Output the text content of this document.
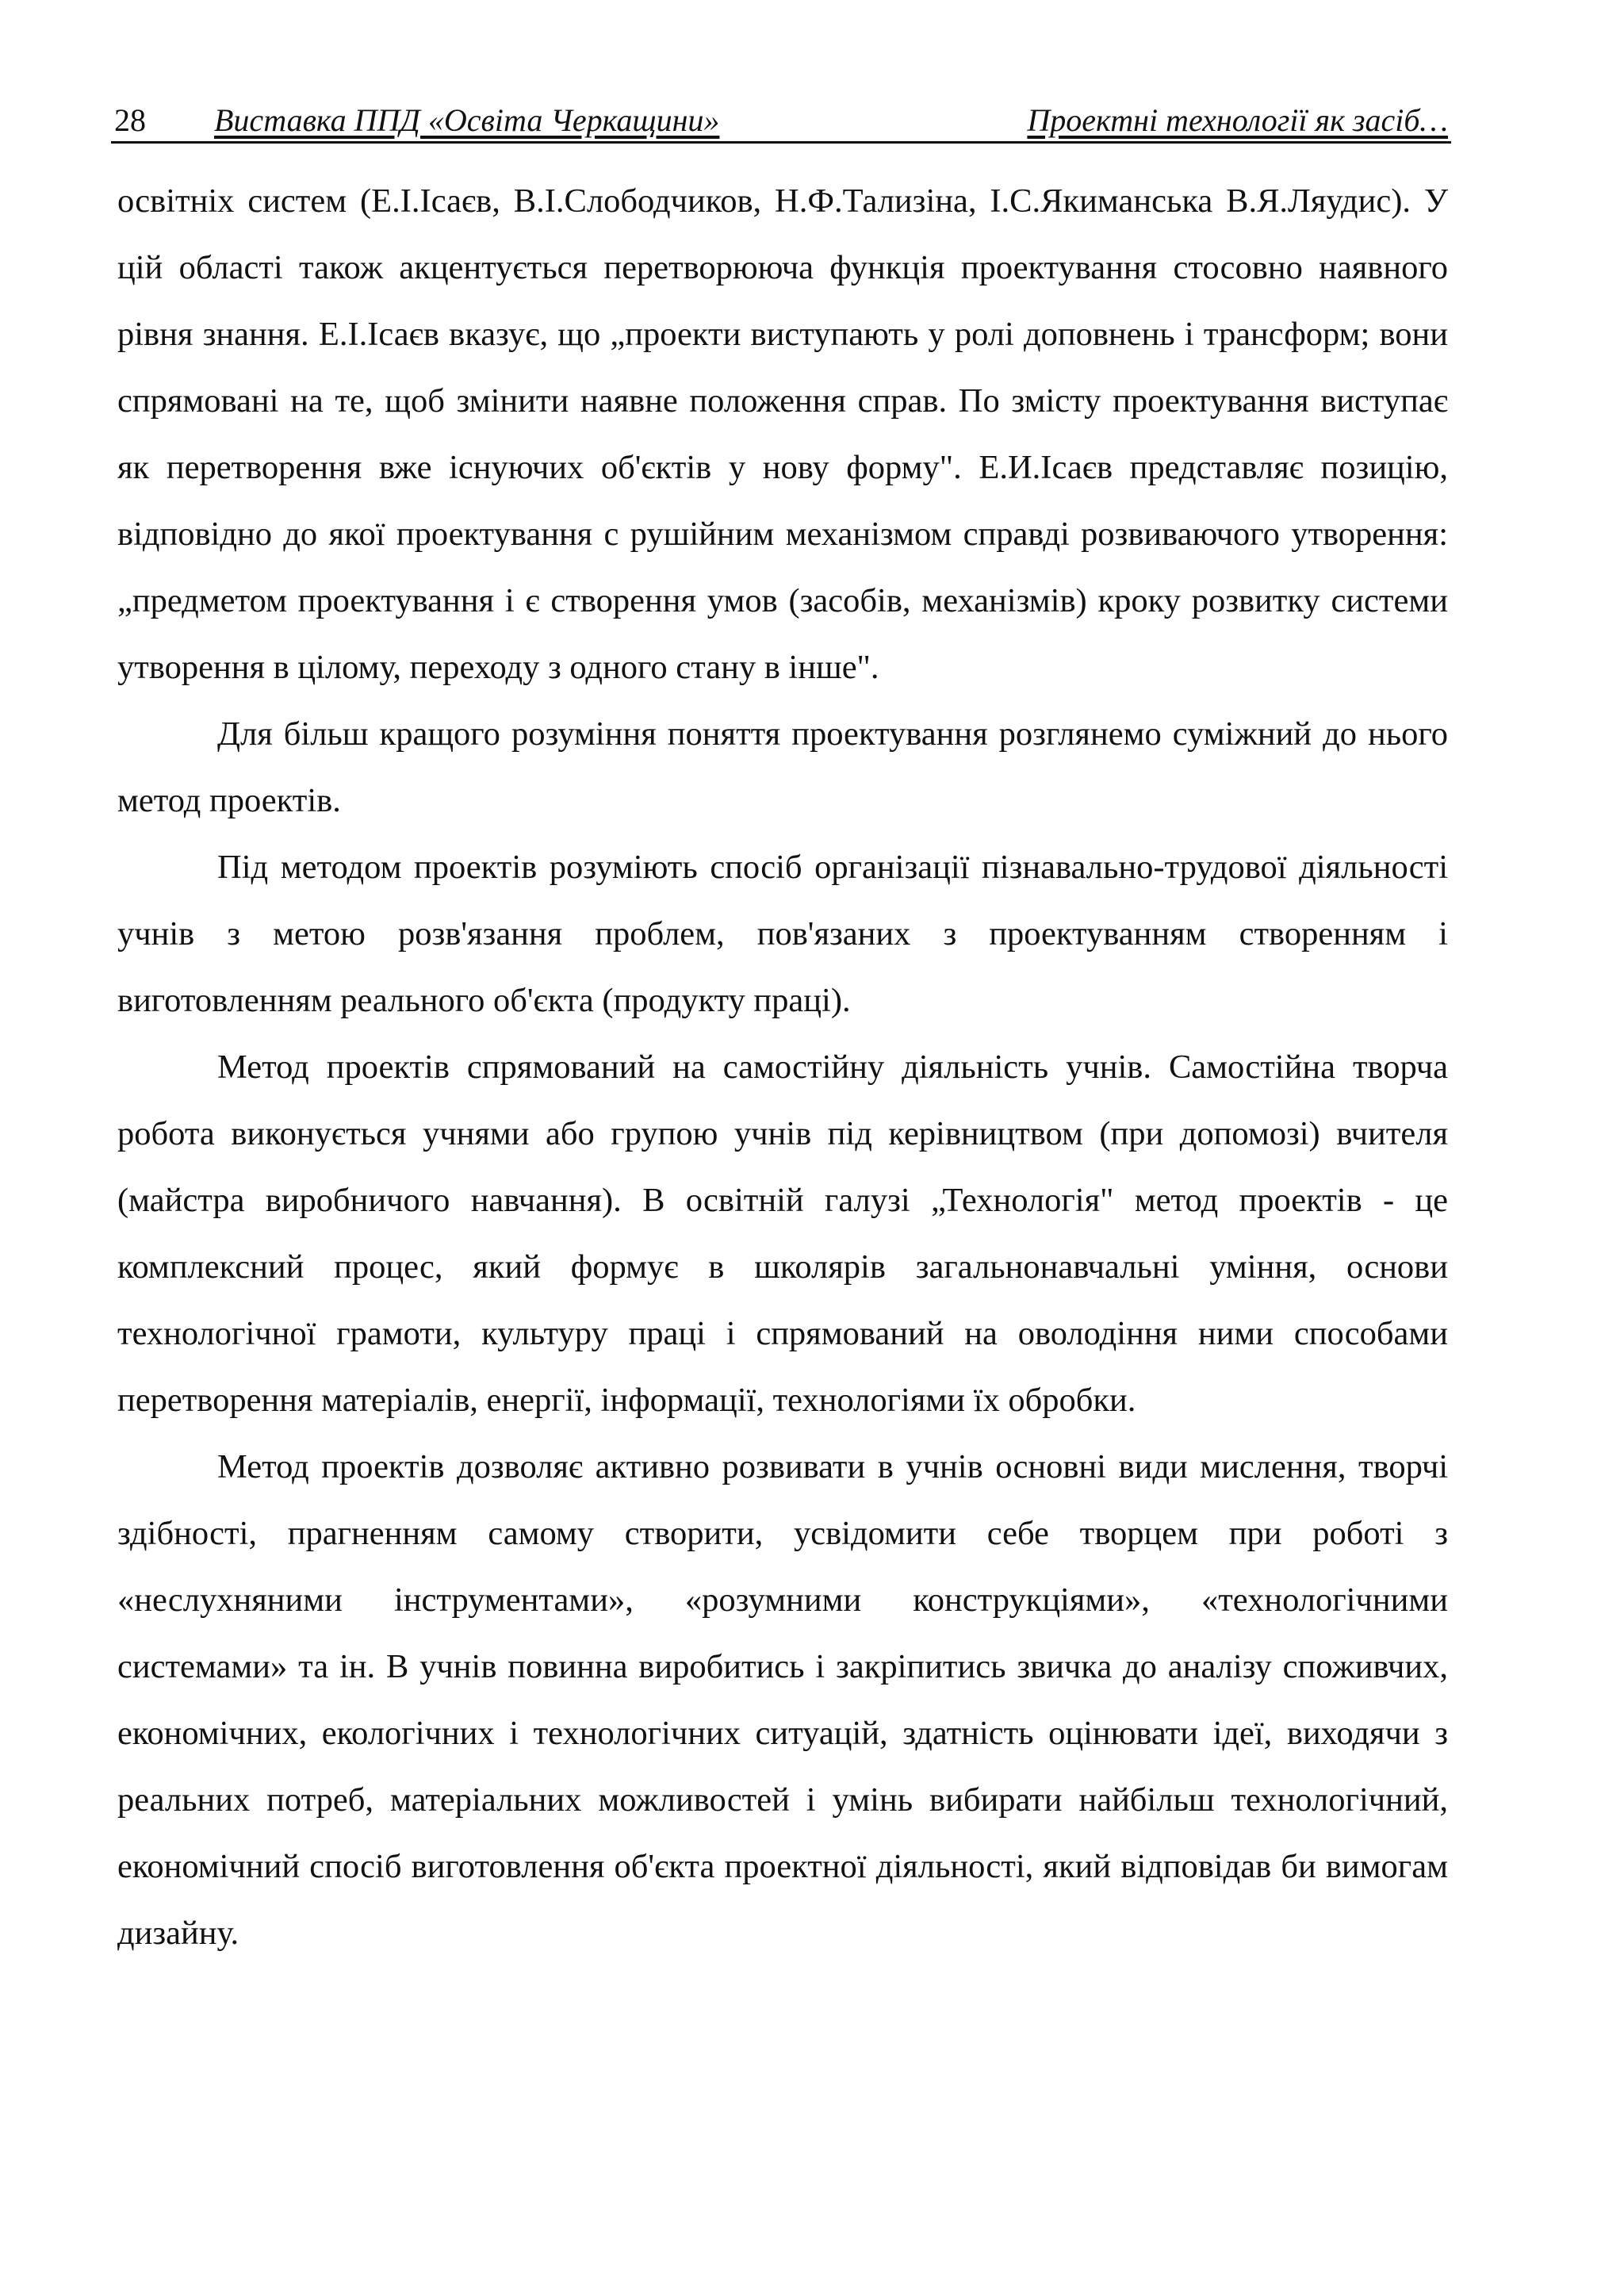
28 Виставка ППД «Освіта Черкащини»	Проектні технології як засіб…

освітніх систем (Е.І.Ісаєв, В.І.Слободчиков, Н.Ф.Тализіна, І.С.Якиманська В.Я.Ляудис). У цій області також акцентується перетворююча функція проектування стосовно наявного рівня знання. Е.І.Ісаєв вказує, що „проекти виступають у ролі доповнень і трансформ; вони спрямовані на те, щоб змінити наявне положення справ. По змісту проектування виступає як перетворення вже існуючих об'єктів у нову форму". Е.И.Ісаєв представляє позицію, відповідно до якої проектування с рушійним механізмом справді розвиваючого утворення: „предметом проектування і є створення умов (засобів, механізмів) кроку розвитку системи утворення в цілому, переходу з одного стану в інше".

Для більш кращого розуміння поняття проектування розглянемо суміжний до нього метод проектів.

Під методом проектів розуміють спосіб організації пізнавально-трудової діяльності учнів з метою розв'язання проблем, пов'язаних з проектуванням створенням і виготовленням реального об'єкта (продукту праці).

Метод проектів спрямований на самостійну діяльність учнів. Самостійна творча робота виконується учнями або групою учнів під керівництвом (при допомозі) вчителя (майстра виробничого навчання). В освітній галузі „Технологія" метод проектів - це комплексний процес, який формує в школярів загальнонавчальні уміння, основи технологічної грамоти, культуру праці і спрямований на оволодіння ними способами перетворення матеріалів, енергії, інформації, технологіями їх обробки.

Метод проектів дозволяє активно розвивати в учнів основні види мислення, творчі здібності, прагненням самому створити, усвідомити себе творцем при роботі з «неслухняними інструментами», «розумними конструкціями», «технологічними системами» та ін. В учнів повинна виробитись і закріпитись звичка до аналізу споживчих, економічних, екологічних і технологічних ситуацій, здатність оцінювати ідеї, виходячи з реальних потреб, матеріальних можливостей і умінь вибирати найбільш технологічний, економічний спосіб виготовлення об'єкта проектної діяльності, який відповідав би вимогам дизайну.
